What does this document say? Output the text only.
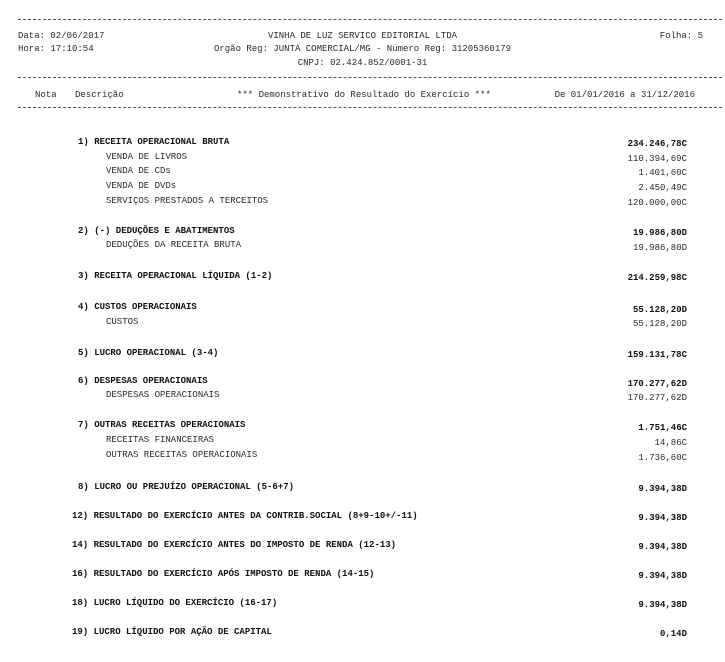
Data: 02/06/2017
Hora: 17:10:54
VINHA DE LUZ SERVICO EDITORIAL LTDA
Orgão Reg: JUNTA COMERCIAL/MG - Número Reg: 31205360179
CNPJ: 02.424.852/0001-31
Folha: 5
Nota Descrição	*** Demonstrativo do Resultado do Exercício ***	De 01/01/2016 a 31/12/2016
1) RECEITA OPERACIONAL BRUTA	234.246,78C
VENDA DE LIVROS	110.394,69C
VENDA DE CDs	1.401,60C
VENDA DE DVDs	2.450,49C
SERVIÇOS PRESTADOS A TERCEITOS	120.000,00C
2) (-) DEDUÇÕES E ABATIMENTOS	19.986,80D
DEDUÇÕES DA RECEITA BRUTA	19.986,80D
3) RECEITA OPERACIONAL LÍQUIDA (1-2)	214.259,98C
4) CUSTOS OPERACIONAIS	55.128,20D
CUSTOS	55.128,20D
5) LUCRO OPERACIONAL (3-4)	159.131,78C
6) DESPESAS OPERACIONAIS	170.277,62D
DESPESAS OPERACIONAIS	170.277,62D
7) OUTRAS RECEITAS OPERACIONAIS	1.751,46C
RECEITAS FINANCEIRAS	14,86C
OUTRAS RECEITAS OPERACIONAIS	1.736,60C
8) LUCRO OU PREJUÍZO OPERACIONAL (5-6+7)	9.394,38D
12) RESULTADO DO EXERCÍCIO ANTES DA CONTRIB.SOCIAL (8+9-10+/-11)	9.394,38D
14) RESULTADO DO EXERCÍCIO ANTES DO IMPOSTO DE RENDA (12-13)	9.394,38D
16) RESULTADO DO EXERCÍCIO APÓS IMPOSTO DE RENDA (14-15)	9.394,38D
18) LUCRO LÍQUIDO DO EXERCÍCIO (16-17)	9.394,38D
19) LUCRO LÍQUIDO POR AÇÃO DE CAPITAL	0,14D
